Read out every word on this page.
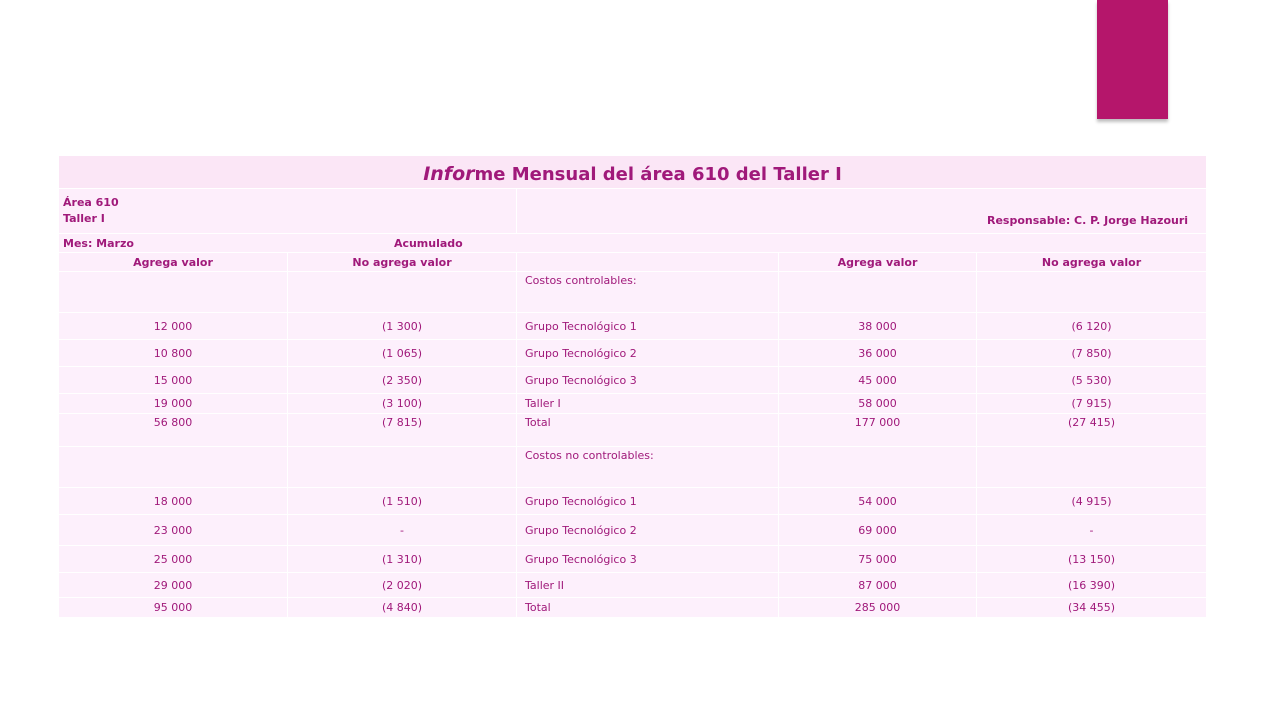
Informe Mensual del área 610 del Taller I				

Área 610
Taller I		Responsable: C. P. Jorge Hazouri		
Mes: Marzo Acumulado				
Agrega valor	No agrega valor		Agrega valor	No agrega valor
		Costos controlables:		
12 000	(1 300)	Grupo Tecnológico 1	38 000	(6 120)
10 800	(1 065)	Grupo Tecnológico 2	36 000	(7 850)
15 000	(2 350)	Grupo Tecnológico 3	45 000	(5 530)
19 000	(3 100)	Taller I	58 000	(7 915)
56 800	(7 815)	Total	177 000	(27 415)
		Costos no controlables:		
18 000	(1 510)	Grupo Tecnológico 1	54 000	(4 915)
23 000	-	Grupo Tecnológico 2	69 000	-
25 000	(1 310)	Grupo Tecnológico 3	75 000	(13 150)
29 000	(2 020)	Taller II	87 000	(16 390)
95 000	(4 840)	Total	285 000	(34 455)
